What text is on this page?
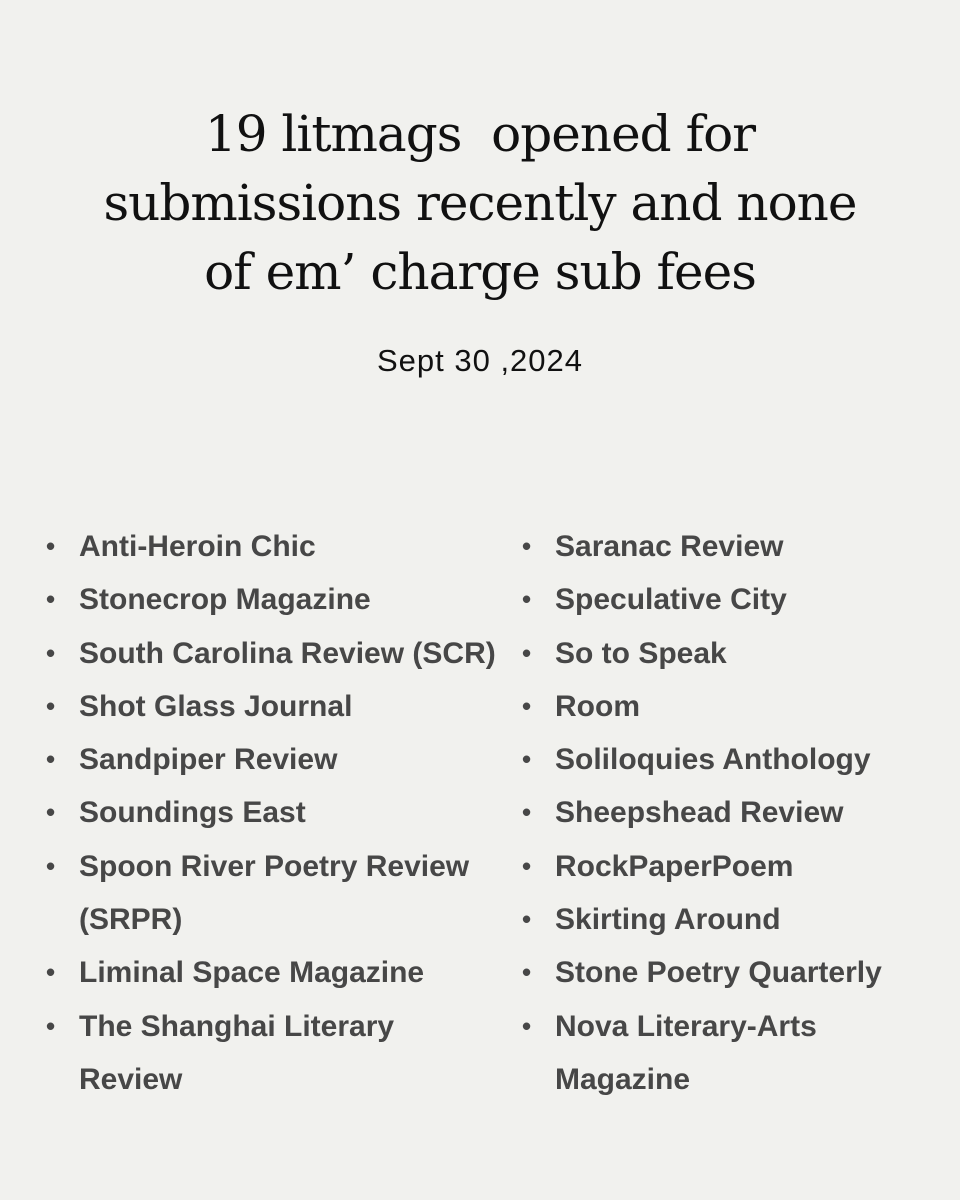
19 litmags  opened for
submissions recently and none
of em’ charge sub fees
Sept 30 ,2024
• Anti-Heroin Chic
• Stonecrop Magazine
• South Carolina Review (SCR)
• Shot Glass Journal
• Sandpiper Review
• Soundings East
• Spoon River Poetry Review (SRPR)
• Liminal Space Magazine
• The Shanghai Literary Review
• Saranac Review
• Speculative City
• So to Speak
• Room
• Soliloquies Anthology
• Sheepshead Review
• RockPaperPoem
• Skirting Around
• Stone Poetry Quarterly
• Nova Literary-Arts Magazine
